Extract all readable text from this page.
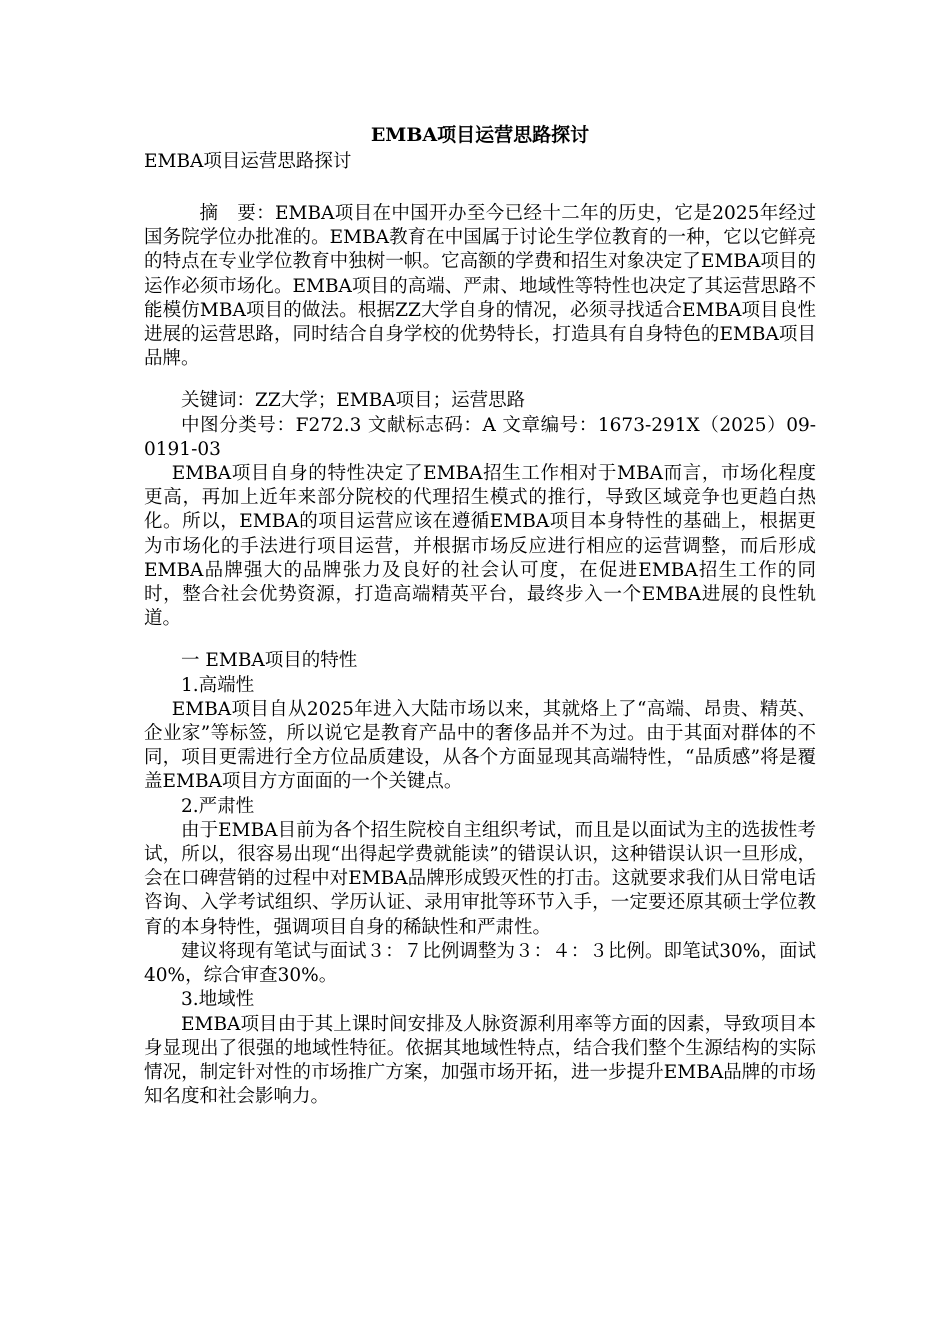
EMBA项目运营思路探讨
EMBA项目运营思路探讨

摘　要：EMBA项目在中国开办至今已经十二年的历史，它是2025年经过国务院学位办批准的。EMBA教育在中国属于讨论生学位教育的一种，它以它鲜亮的特点在专业学位教育中独树一帜。它高额的学费和招生对象决定了EMBA项目的运作必须市场化。EMBA项目的高端、严肃、地域性等特性也决定了其运营思路不能模仿MBA项目的做法。根据ZZ大学自身的情况，必须寻找适合EMBA项目良性进展的运营思路，同时结合自身学校的优势特长，打造具有自身特色的EMBA项目品牌。

关键词：ZZ大学；EMBA项目；运营思路

中图分类号：F272.3 文献标志码：A 文章编号：1673-291X（2025）09-0191-03

EMBA项目自身的特性决定了EMBA招生工作相对于MBA而言，市场化程度更高，再加上近年来部分院校的代理招生模式的推行，导致区域竞争也更趋白热化。所以，EMBA的项目运营应该在遵循EMBA项目本身特性的基础上，根据更为市场化的手法进行项目运营，并根据市场反应进行相应的运营调整，而后形成EMBA品牌强大的品牌张力及良好的社会认可度，在促进EMBA招生工作的同时，整合社会优势资源，打造高端精英平台，最终步入一个EMBA进展的良性轨道。

一 EMBA项目的特性
1.高端性

EMBA项目自从2025年进入大陆市场以来，其就烙上了“高端、昂贵、精英、企业家”等标签，所以说它是教育产品中的奢侈品并不为过。由于其面对群体的不同，项目更需进行全方位品质建设，从各个方面显现其高端特性，“品质感”将是覆盖EMBA项目方方面面的一个关键点。

2.严肃性

由于EMBA目前为各个招生院校自主组织考试，而且是以面试为主的选拔性考试，所以，很容易出现“出得起学费就能读”的错误认识，这种错误认识一旦形成，会在口碑营销的过程中对EMBA品牌形成毁灭性的打击。这就要求我们从日常电话咨询、入学考试组织、学历认证、录用审批等环节入手，一定要还原其硕士学位教育的本身特性，强调项目自身的稀缺性和严肃性。

建议将现有笔试与面试３：７比例调整为３：４：３比例。即笔试30%，面试40%，综合审查30%。

3.地域性

EMBA项目由于其上课时间安排及人脉资源利用率等方面的因素，导致项目本身显现出了很强的地域性特征。依据其地域性特点，结合我们整个生源结构的实际情况，制定针对性的市场推广方案，加强市场开拓，进一步提升EMBA品牌的市场知名度和社会影响力。
